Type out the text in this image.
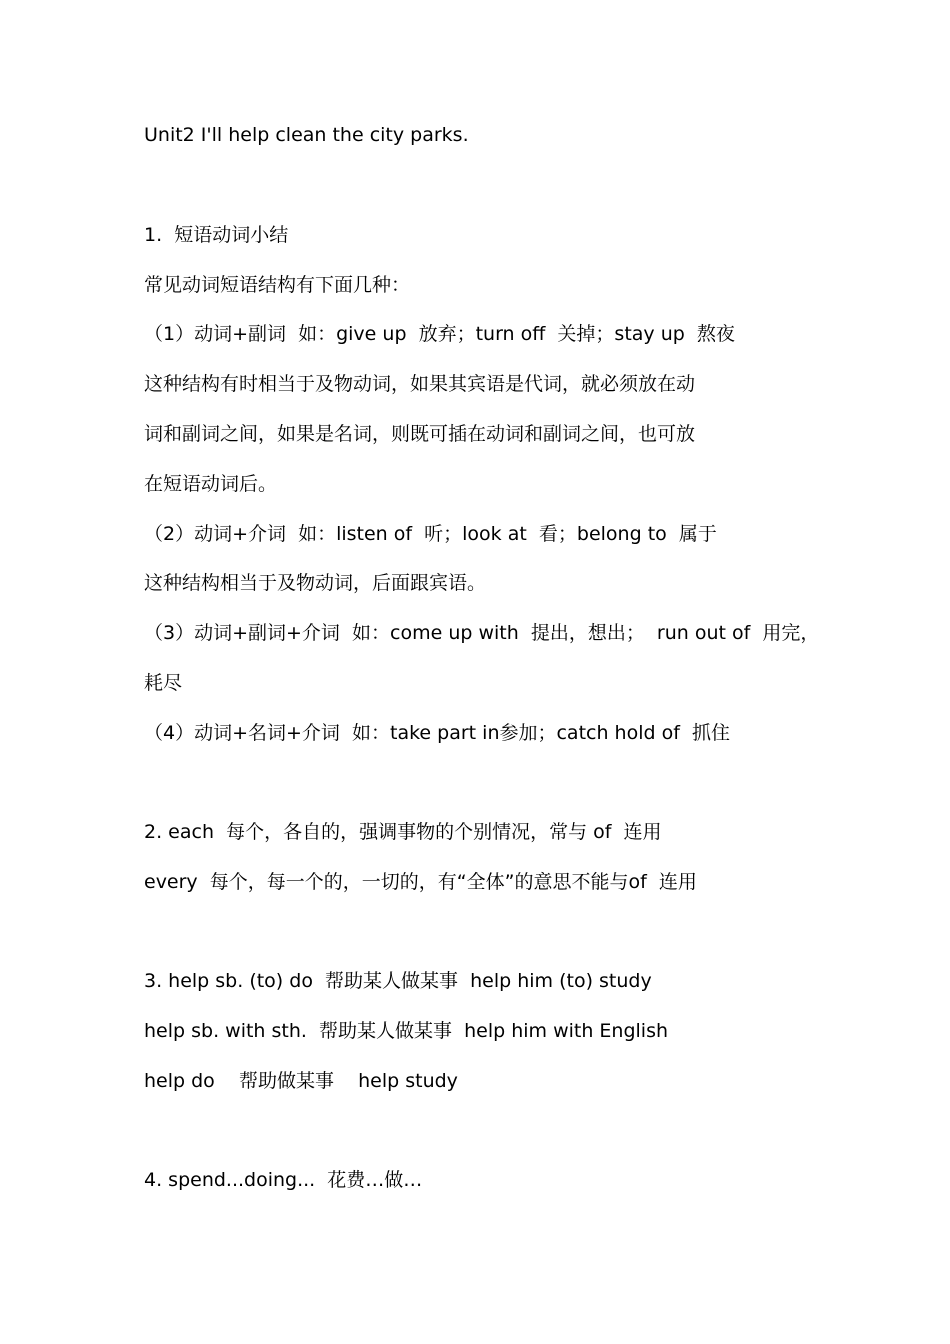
Unit2 I'll help clean the city parks.
1.  短语动词小结
常见动词短语结构有下面几种：
（1）动词+副词  如：give up  放弃；turn off  关掉；stay up  熬夜
这种结构有时相当于及物动词，如果其宾语是代词，就必须放在动
词和副词之间，如果是名词，则既可插在动词和副词之间，也可放
在短语动词后。
（2）动词+介词  如：listen of  听；look at  看；belong to  属于
这种结构相当于及物动词，后面跟宾语。
（3）动词+副词+介词  如：come up with  提出，想出；  run out of  用完，
耗尽
（4）动词+名词+介词  如：take part in参加；catch hold of  抓住
2. each  每个，各自的，强调事物的个别情况，常与 of  连用
every  每个，每一个的，一切的，有“全体”的意思不能与of  连用
3. help sb. (to) do  帮助某人做某事  help him (to) study
help sb. with sth.  帮助某人做某事  help him with English
help do    帮助做某事    help study
4. spend...doing...  花费…做…
